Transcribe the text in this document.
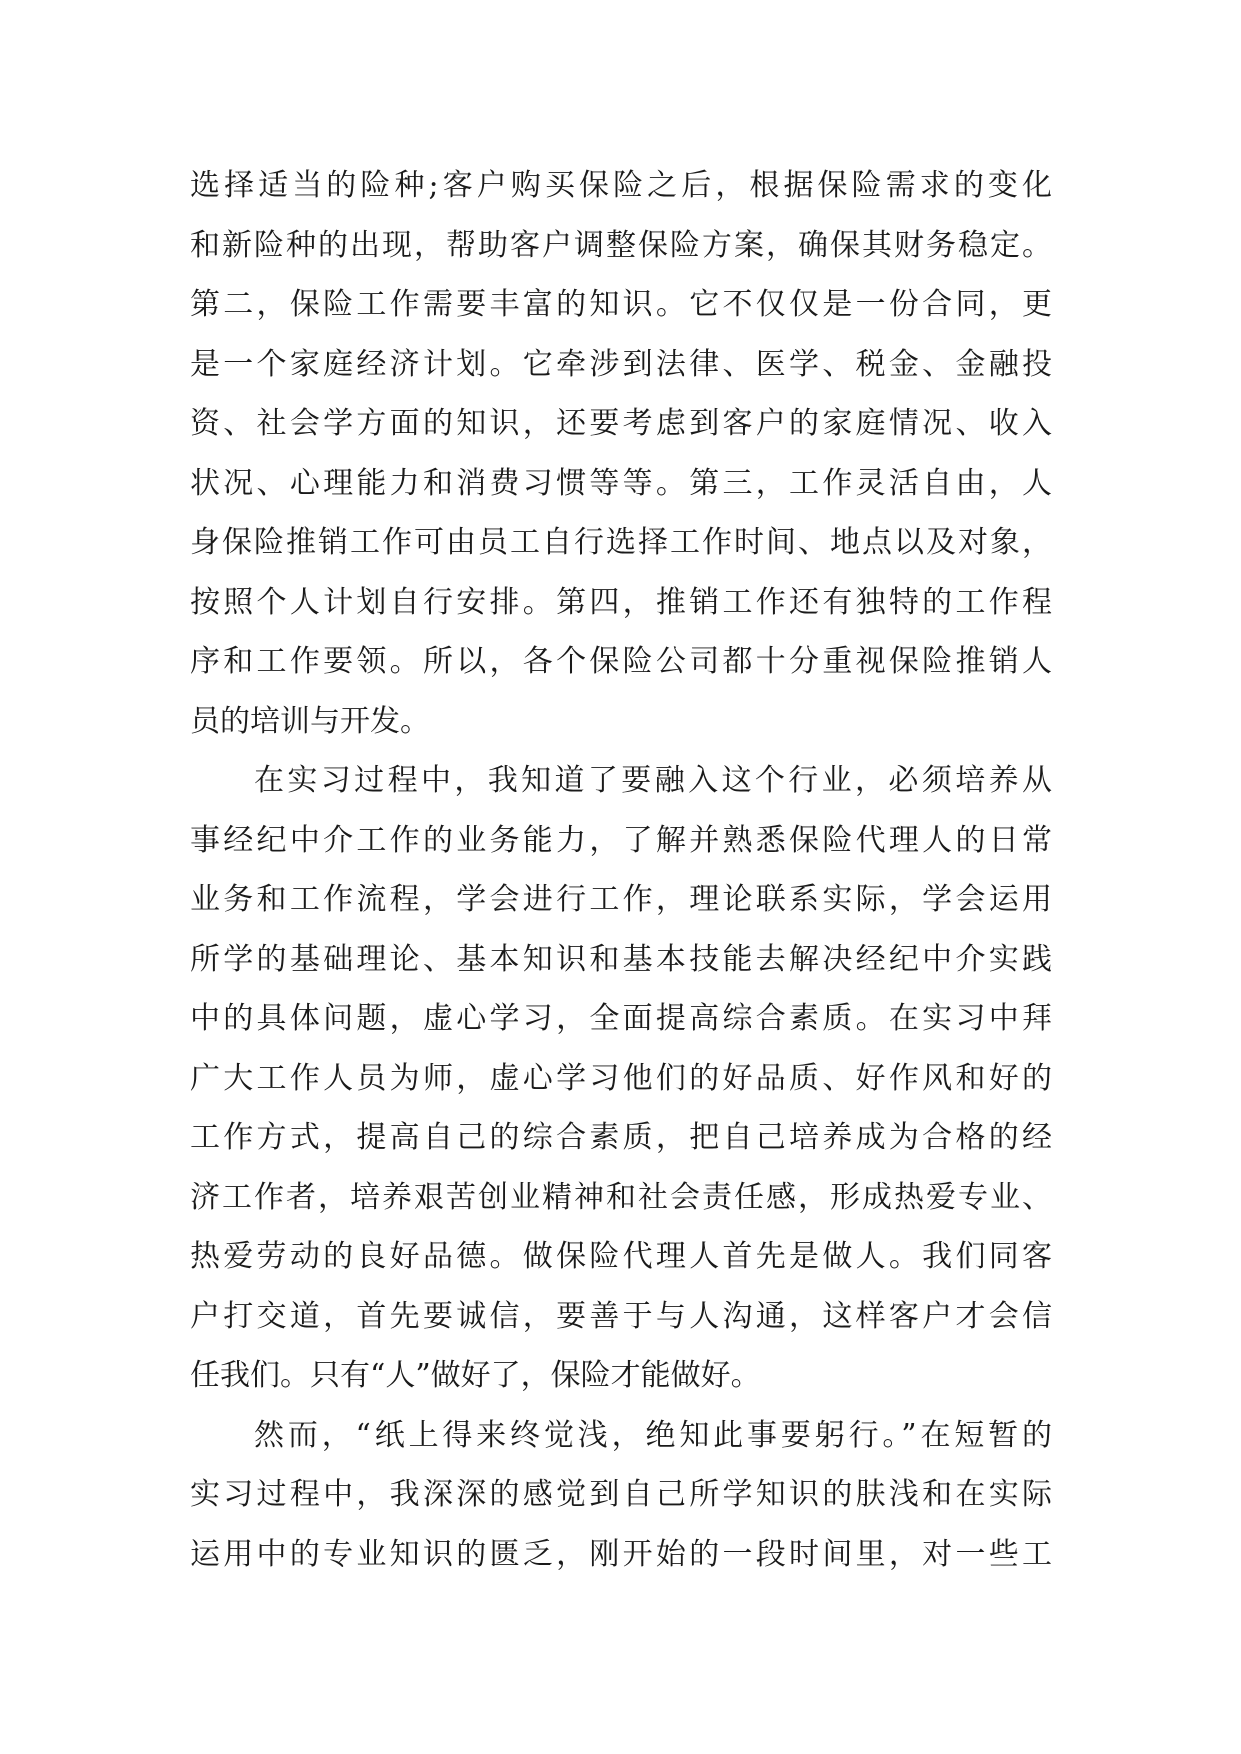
选择适当的险种;客户购买保险之后，根据保险需求的变化
和新险种的出现，帮助客户调整保险方案，确保其财务稳定。
第二，保险工作需要丰富的知识。它不仅仅是一份合同，更
是一个家庭经济计划。它牵涉到法律、医学、税金、金融投
资、社会学方面的知识，还要考虑到客户的家庭情况、收入
状况、心理能力和消费习惯等等。第三，工作灵活自由，人
身保险推销工作可由员工自行选择工作时间、地点以及对象，
按照个人计划自行安排。第四，推销工作还有独特的工作程
序和工作要领。所以，各个保险公司都十分重视保险推销人
员的培训与开发。
在实习过程中，我知道了要融入这个行业，必须培养从
事经纪中介工作的业务能力，了解并熟悉保险代理人的日常
业务和工作流程，学会进行工作，理论联系实际，学会运用
所学的基础理论、基本知识和基本技能去解决经纪中介实践
中的具体问题，虚心学习，全面提高综合素质。在实习中拜
广大工作人员为师，虚心学习他们的好品质、好作风和好的
工作方式，提高自己的综合素质，把自己培养成为合格的经
济工作者，培养艰苦创业精神和社会责任感，形成热爱专业、
热爱劳动的良好品德。做保险代理人首先是做人。我们同客
户打交道，首先要诚信，要善于与人沟通，这样客户才会信
任我们。只有“人”做好了，保险才能做好。
然而，“纸上得来终觉浅，绝知此事要躬行。”在短暂的
实习过程中，我深深的感觉到自己所学知识的肤浅和在实际
运用中的专业知识的匮乏，刚开始的一段时间里，对一些工
